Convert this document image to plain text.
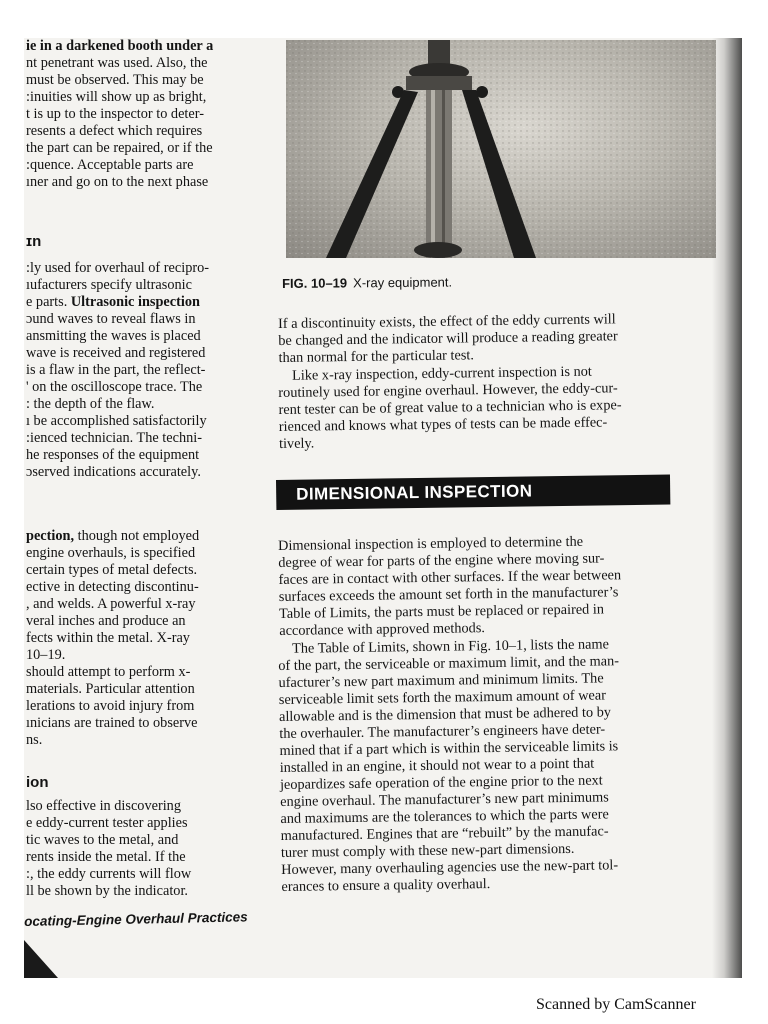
ie in a darkened booth under a

nt penetrant was used. Also, the

must be observed. This may be

:inuities will show up as bright,

t is up to the inspector to deter-

resents a defect which requires

the part can be repaired, or if the

:quence. Acceptable parts are

ıner and go on to the next phase

ɪn

:ly used for overhaul of recipro-

ıufacturers specify ultrasonic

e parts. Ultrasonic inspection

ɔund waves to reveal flaws in

ansmitting the waves is placed

wave is received and registered

is a flaw in the part, the reflect-

' on the oscilloscope trace. The

: the depth of the flaw.

ı be accomplished satisfactorily

:ienced technician. The techni-

he responses of the equipment

ɔserved indications accurately.

pection, though not employed

engine overhauls, is specified

certain types of metal defects.

ective in detecting discontinu-

, and welds. A powerful x-ray

veral inches and produce an

fects within the metal. X-ray

10–19.

should attempt to perform x-

materials. Particular attention

lerations to avoid injury from

ınicians are trained to observe

ns.

ion

lso effective in discovering

e eddy-current tester applies

tic waves to the metal, and

rents inside the metal. If the

:, the eddy currents will flow

ll be shown by the indicator.

FIG. 10–19 X-ray equipment.

If a discontinuity exists, the effect of the eddy currents will

be changed and the indicator will produce a reading greater

than normal for the particular test.

Like x-ray inspection, eddy-current inspection is not

routinely used for engine overhaul. However, the eddy-cur-

rent tester can be of great value to a technician who is expe-

rienced and knows what types of tests can be made effec-

tively.

DIMENSIONAL INSPECTION

Dimensional inspection is employed to determine the

degree of wear for parts of the engine where moving sur-

faces are in contact with other surfaces. If the wear between

surfaces exceeds the amount set forth in the manufacturer’s

Table of Limits, the parts must be replaced or repaired in

accordance with approved methods.

The Table of Limits, shown in Fig. 10–1, lists the name

of the part, the serviceable or maximum limit, and the man-

ufacturer’s new part maximum and minimum limits. The

serviceable limit sets forth the maximum amount of wear

allowable and is the dimension that must be adhered to by

the overhauler. The manufacturer’s engineers have deter-

mined that if a part which is within the serviceable limits is

installed in an engine, it should not wear to a point that

jeopardizes safe operation of the engine prior to the next

engine overhaul. The manufacturer’s new part minimums

and maximums are the tolerances to which the parts were

manufactured. Engines that are “rebuilt” by the manufac-

turer must comply with these new-part dimensions.

However, many overhauling agencies use the new-part tol-

erances to ensure a quality overhaul.

ocating-Engine Overhaul Practices
Scanned by CamScanner
